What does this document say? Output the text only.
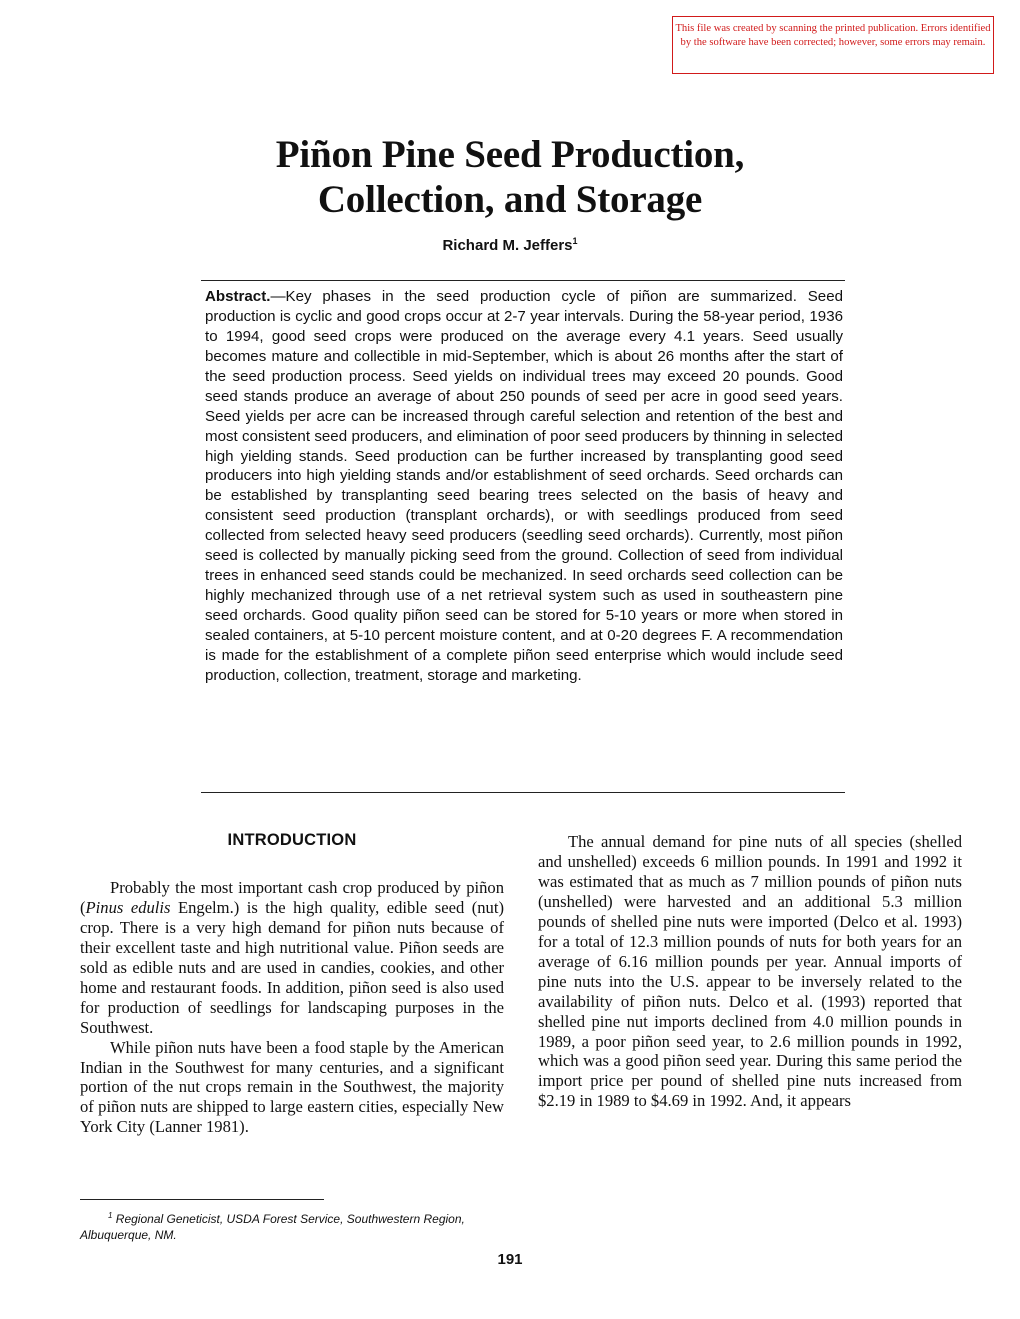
This file was created by scanning the printed publication. Errors identified by the software have been corrected; however, some errors may remain.
Piñon Pine Seed Production,
Collection, and Storage
Richard M. Jeffers$^1$

Abstract.—Key phases in the seed production cycle of piñon are summarized. Seed production is cyclic and good crops occur at 2-7 year intervals. During the 58-year period, 1936 to 1994, good seed crops were produced on the average every 4.1 years. Seed usually becomes mature and collectible in mid-September, which is about 26 months after the start of the seed production process. Seed yields on individual trees may exceed 20 pounds. Good seed stands produce an average of about 250 pounds of seed per acre in good seed years. Seed yields per acre can be increased through careful selection and retention of the best and most consistent seed producers, and elimination of poor seed producers by thinning in selected high yielding stands. Seed production can be further increased by transplanting good seed producers into high yielding stands and/or establishment of seed orchards. Seed orchards can be established by transplanting seed bearing trees selected on the basis of heavy and consistent seed production (transplant orchards), or with seedlings produced from seed collected from selected heavy seed producers (seedling seed orchards). Currently, most piñon seed is collected by manually picking seed from the ground. Collection of seed from individual trees in enhanced seed stands could be mechanized. In seed orchards seed collection can be highly mechanized through use of a net retrieval system such as used in southeastern pine seed orchards. Good quality piñon seed can be stored for 5-10 years or more when stored in sealed containers, at 5-10 percent moisture content, and at 0-20 degrees F. A recommendation is made for the establishment of a complete piñon seed enterprise which would include seed production, collection, treatment, storage and marketing.

INTRODUCTION

Probably the most important cash crop produced by piñon (Pinus edulis Engelm.) is the high quality, edible seed (nut) crop. There is a very high demand for piñon nuts because of their excellent taste and high nutritional value. Piñon seeds are sold as edible nuts and are used in candies, cookies, and other home and restaurant foods. In addition, piñon seed is also used for production of seedlings for landscaping purposes in the Southwest.

While piñon nuts have been a food staple by the American Indian in the Southwest for many centuries, and a significant portion of the nut crops remain in the Southwest, the majority of piñon nuts are shipped to large eastern cities, especially New York City (Lanner 1981).

The annual demand for pine nuts of all species (shelled and unshelled) exceeds 6 million pounds. In 1991 and 1992 it was estimated that as much as 7 million pounds of piñon nuts (unshelled) were harvested and an additional 5.3 million pounds of shelled pine nuts were imported (Delco et al. 1993) for a total of 12.3 million pounds of nuts for both years for an average of 6.16 million pounds per year. Annual imports of pine nuts into the U.S. appear to be inversely related to the availability of piñon nuts. Delco et al. (1993) reported that shelled pine nut imports declined from 4.0 million pounds in 1989, a poor piñon seed year, to 2.6 million pounds in 1992, which was a good piñon seed year. During this same period the import price per pound of shelled pine nuts increased from $2.19 in 1989 to $4.69 in 1992. And, it appears

$^1$ Regional Geneticist, USDA Forest Service, Southwestern Region, Albuquerque, NM.

191
